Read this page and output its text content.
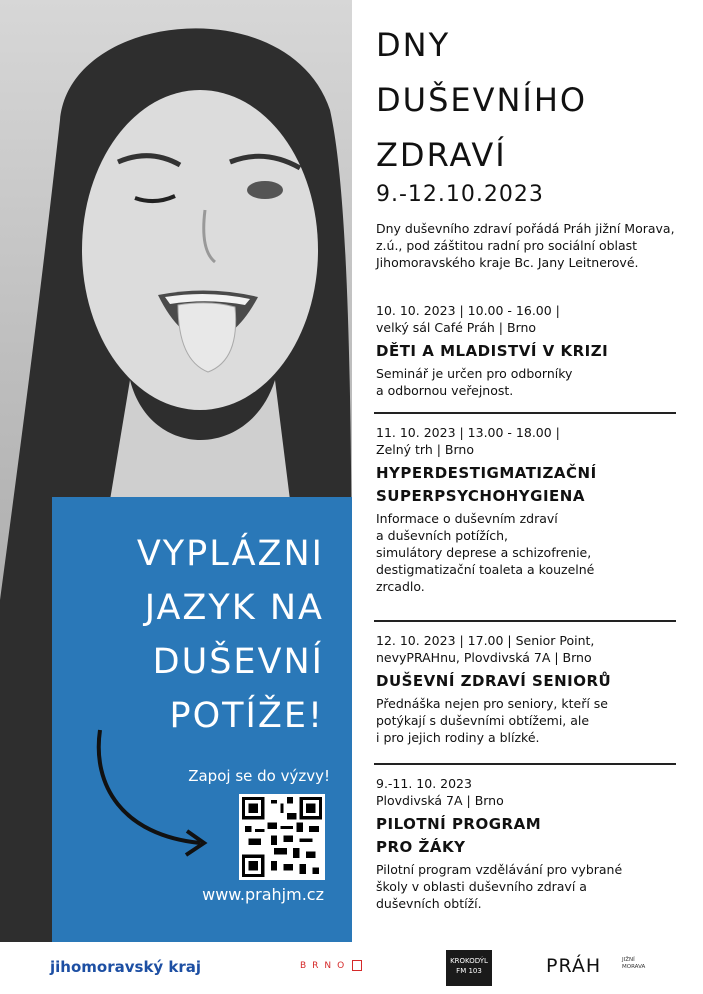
VYPLÁZNI
JAZYK NA
DUŠEVNÍ
POTÍŽE!
Zapoj se do výzvy!
www.prahjm.cz
DNY
DUŠEVNÍHO
ZDRAVÍ
9.-12.10.2023
Dny duševního zdraví pořádá Práh jižní Morava, z.ú., pod záštitou radní pro sociální oblast Jihomoravského kraje Bc. Jany Leitnerové.
10. 10. 2023 | 10.00 - 16.00 |
velký sál Café Práh | Brno
DĚTI A MLADISTVÍ V KRIZI
Seminář je určen pro odborníky
a odbornou veřejnost.
11. 10. 2023 | 13.00 - 18.00 |
Zelný trh | Brno
HYPERDESTIGMATIZAČNÍ
SUPERPSYCHOHYGIENA
Informace o duševním zdraví
a duševních potížích,
simulátory deprese a schizofrenie,
destigmatizační toaleta a kouzelné
zrcadlo.
12. 10. 2023 | 17.00 | Senior Point,
nevyPRAHnu, Plovdivská 7A | Brno
DUŠEVNÍ ZDRAVÍ SENIORŮ
Přednáška nejen pro seniory, kteří se
potýkají s duševními obtížemi, ale
i pro jejich rodiny a blízké.
9.-11. 10. 2023
Plovdivská 7A | Brno
PILOTNÍ PROGRAM
PRO ŽÁKY
Pilotní program vzdělávání pro vybrané
školy v oblasti duševního zdraví a
duševních obtíží.
jihomoravský kraj	BRNO	KROKODÝL FM 103	PRÁH	JIŽNÍ
MORAVA
